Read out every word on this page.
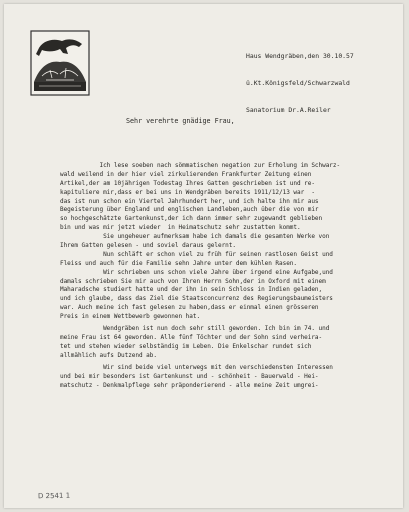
Haus Wendgräben,den 30.10.57

ü.Kt.Königsfeld/Schwarzwald

Sanatorium Dr.A.Reiler

Sehr verehrte gnädige Frau,
Ich lese soeben nach sömmatischen negation zur Erholung im Schwarz-
wald weilend in der hier viel zirkulierenden Frankfurter Zeitung einen
Artikel,der am 10jährigen Todestag Ihres Gatten geschrieben ist und re-
kapituliere mir,dass er bei uns in Wendgräben bereits 1911/12/13 war  -
das ist nun schon ein Viertel Jahrhundert her, und ich halte ihn mir aus
Begeisterung über England und englischen Landleben,auch über die von mir
so hochgeschätzte Gartenkunst,der ich dann immer sehr zugewandt geblieben
bin und was mir jetzt wieder  in Heimatschutz sehr zustatten kommt.
Sie ungeheuer aufmerksam habe ich damals die gesamten Werke von
Ihrem Gatten gelesen - und soviel daraus gelernt.
Nun schläft er schon viel zu früh für seinen rastlosen Geist und
Fleiss und auch für die Familie sehn Jahre unter dem kühlen Rasen.
Wir schrieben uns schon viele Jahre über irgend eine Aufgabe,und
damals schrieben Sie mir auch von Ihren Herrn Sohn,der in Oxford mit einem
Maharadsche studiert hatte und der ihn in sein Schloss in Indien geladen,
und ich glaube, dass das Ziel die Staatsconcurrenz des Regierungsbaumeisters
war. Auch meine ich fast gelesen zu haben,dass er einmal einen grösseren
Preis in einem Wettbewerb gewonnen hat.
Wendgräben ist nun doch sehr still geworden. Ich bin im 74. und
meine Frau ist 64 geworden. Alle fünf Töchter und der Sohn sind verheira-
tet und stehen wieder selbständig im Leben. Die Enkelschar rundet sich
allmählich aufs Dutzend ab.
Wir sind beide viel unterwegs mit den verschiedensten Interessen
und bei mir besonders ist Gartenkunst und - schönheit - Bauerwald - Hei-
matschutz - Denkmalpflege sehr präponderierend - alle meine Zeit umgrei-
D 2541 1
